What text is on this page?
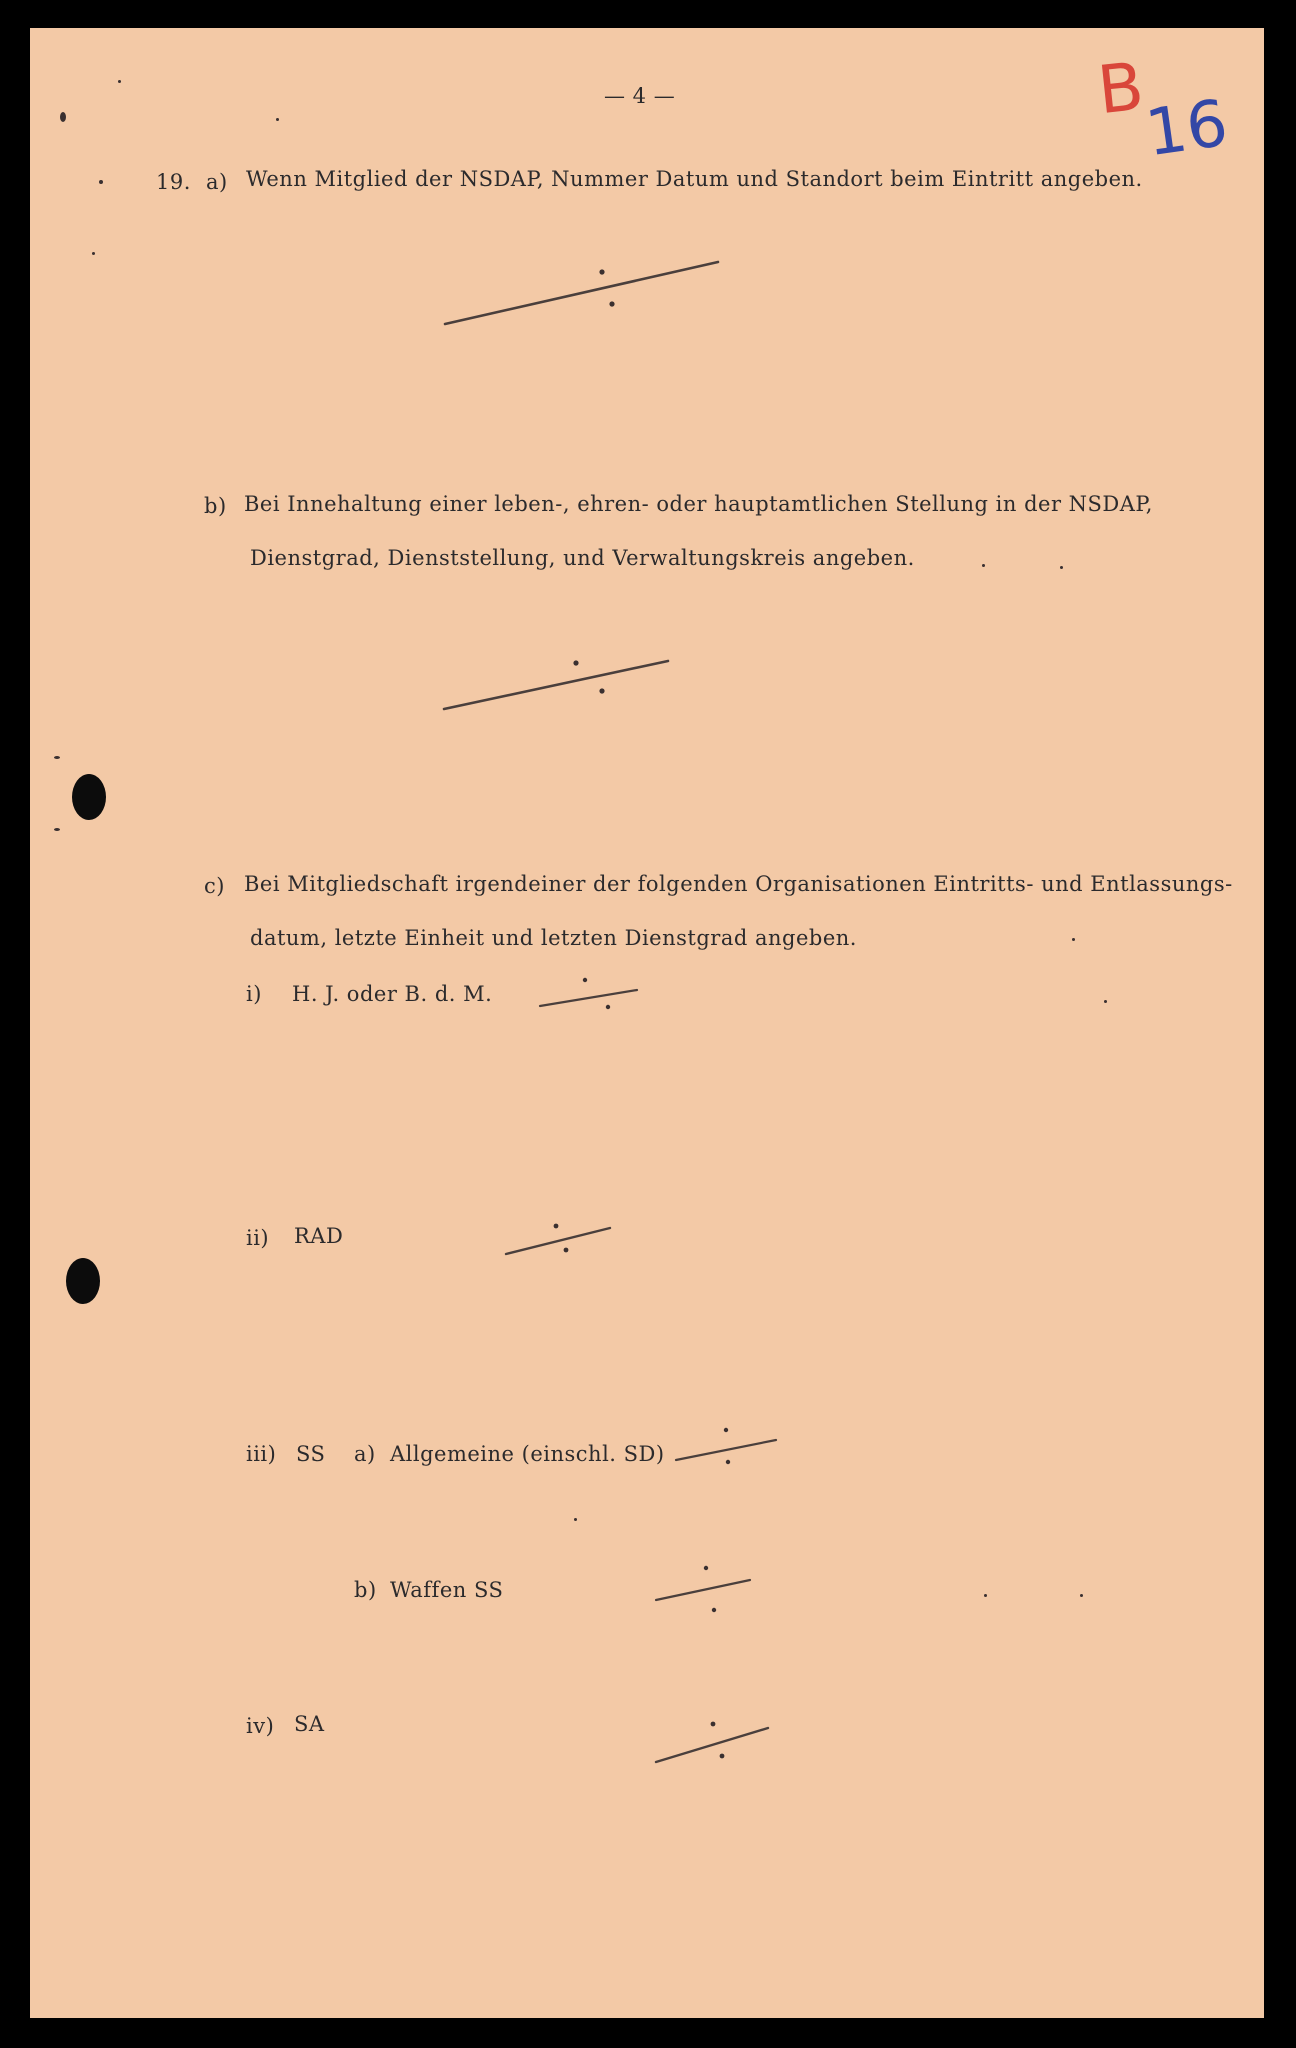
— 4 —	B
16
19. a) Wenn Mitglied der NSDAP, Nummer Datum und Standort beim Eintritt angeben.
b) Bei Innehaltung einer leben-, ehren- oder hauptamtlichen Stellung in der NSDAP,
Dienstgrad, Dienststellung, und Verwaltungskreis angeben.
c) Bei Mitgliedschaft irgendeiner der folgenden Organisationen Eintritts- und Entlassungs-
datum, letzte Einheit und letzten Dienstgrad angeben.
i) H. J. oder B. d. M.
ii) RAD
iii) SS a) Allgemeine (einschl. SD)
b) Waffen SS
iv) SA
